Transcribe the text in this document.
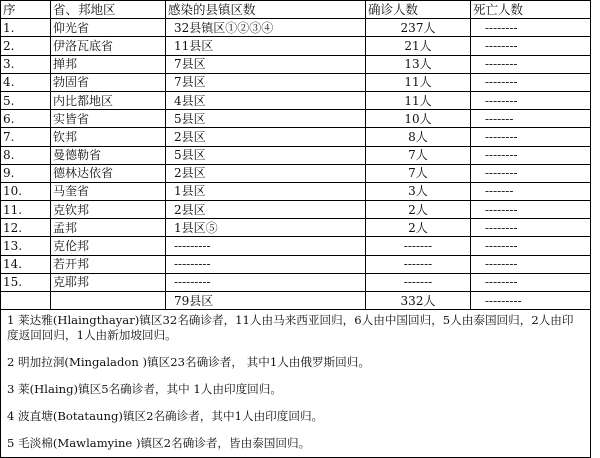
序	省、邦地区	感染的县镇区数	确诊人数	死亡人数
1.	仰光省	32县镇区①②③④	237人	--------
2.	伊洛瓦底省	11县区	21人	--------
3.	掸邦	7县区	13人	--------
4.	勃固省	7县区	11人	--------
5.	内比都地区	4县区	11人	--------
6.	实皆省	5县区	10人	-------
7.	钦邦	2县区	8人	--------
8.	曼德勒省	5县区	7人	--------
9.	德林达依省	2县区	7人	--------
10.	马奎省	1县区	3人	-------
11.	克钦邦	2县区	2人	--------
12.	孟邦	1县区⑤	2人	--------
13.	克伦邦	---------	-------	--------
14.	若开邦	---------	-------	--------
15.	克耶邦	---------	-------	--------
		79县区	332人	---------

1 莱达雅(Hlaingthayar)镇区32名确诊者，11人由马来西亚回归，6人由中国回归，5人由泰国回归，2人由印度返回回归，1人由新加坡回归。

2 明加拉洞(Mingaladon )镇区23名确诊者， 其中1人由俄罗斯回归。

3 莱(Hlaing)镇区5名确诊者，其中 1人由印度回归。

4 波直塘(Botataung)镇区2名确诊者，其中1人由印度回归。

5 毛淡棉(Mawlamyine )镇区2名确诊者，皆由泰国回归。				
